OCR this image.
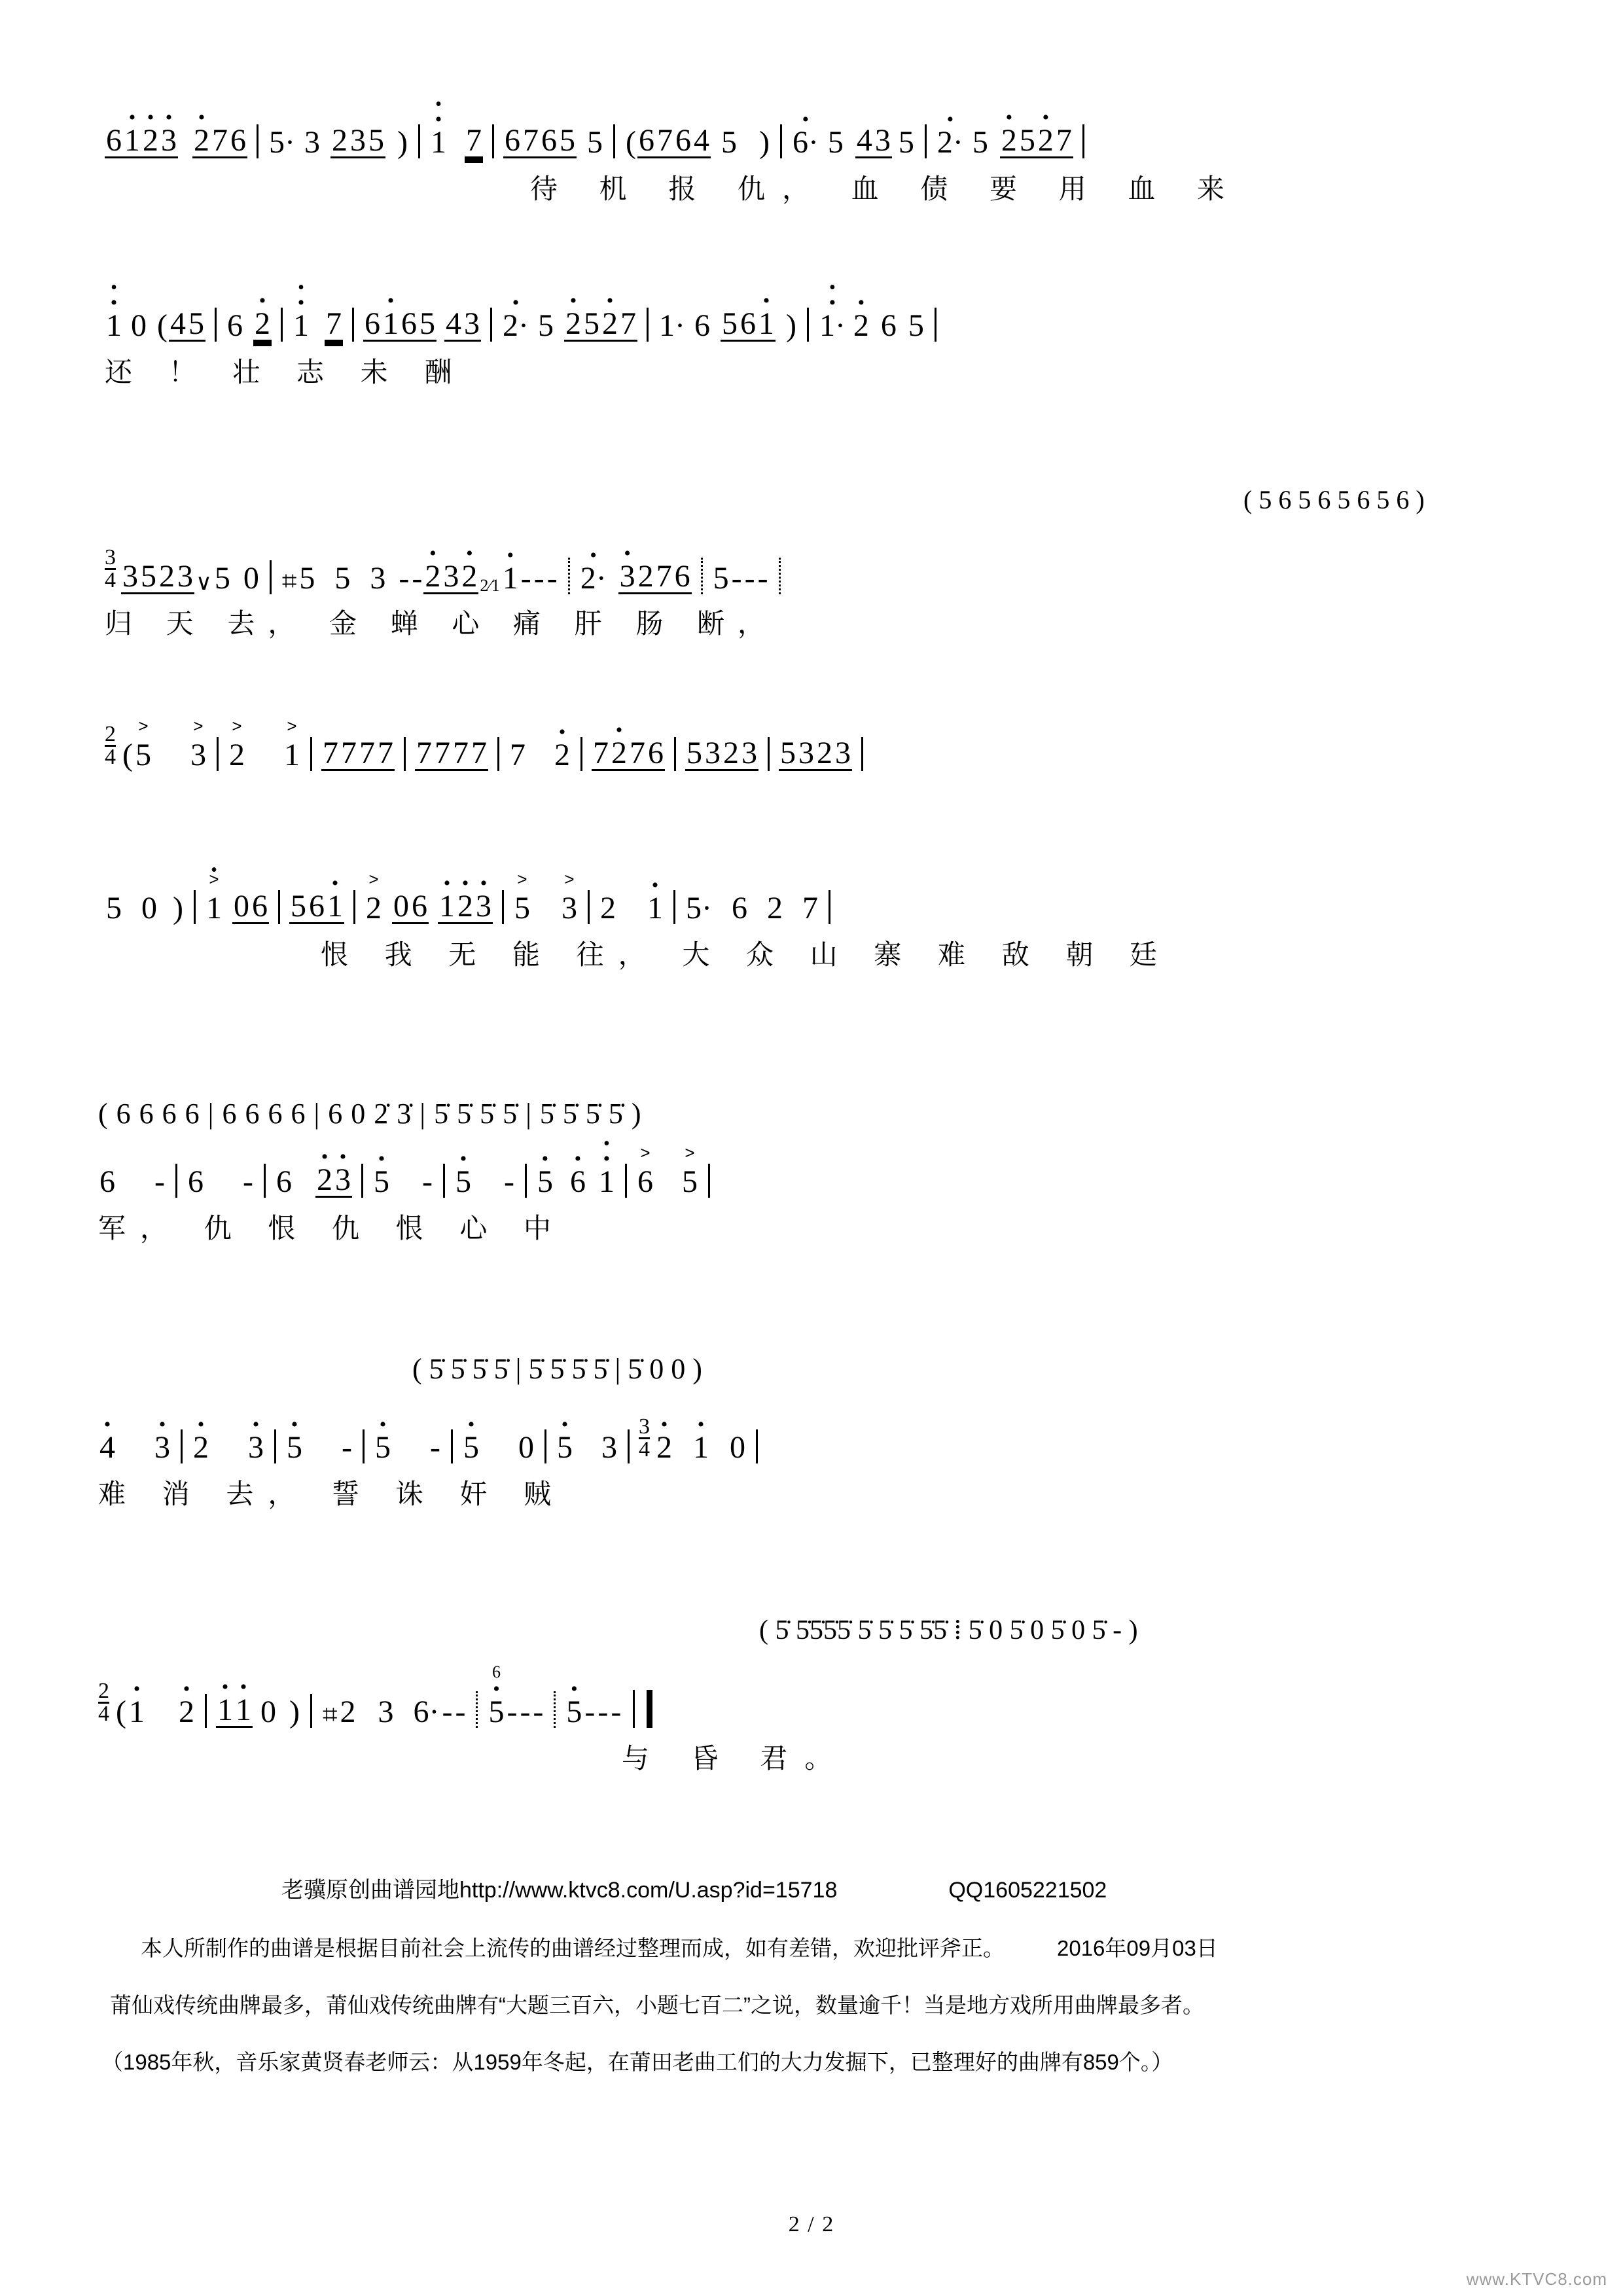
6 • 1 • 2 • 3 • 2 7 6 5· 3 2 3 5 )
• •
1 7 6 7 6 5 5 ( 6 7 6 4 5 ) • 6· 5 4 3 5 • 2· 5 • 2 5 • 2 7
待 机 报 仇， 血 债 要 用 血 来
• •
1 0 ( 4 5 6 • 2
• •
1 7 6 • 1 6 5 4 3 • 2· 5 • 2 5 • 2 7 1· 6 5 6 • 1 )
• •
1· • 2 6 5
还 ！ 壮 志 未 酬
( 5 6 5 6 5 6 5 6 )
3
4 3 5 2 3 ∨ 5 0 ⌗ 5 5 3 - - • 2 3 • 2 2⁄1 • 1 - - - • 2· • 3 2 7 6 5 - - -
归 天 去， 金 蝉 心 痛 肝 肠 断，
2
4 ( > 5 > 3 > 2 > 1 7 7 7 7 7 7 7 7 7 • 2 7 • 2 7 6 5 3 2 3 5 3 2 3
5 0 )
> •
1 0 6 5 6 • 1 > 2 0 6 • 1 • 2 • 3 > 5 > 3 2 • 1 5· 6 2 7
恨 我 无 能 往， 大 众 山 寨 难 敌 朝 廷
( 6 6 6 6 | 6 6 6 6 | 6 0 2̇ 3̇ | 5̇ 5̇ 5̇ 5̇ | 5̇ 5̇ 5̇ 5̇ )
6 - 6 - 6 • 2 • 3 • 5 - • 5 - • 5 • 6
• •
1 > 6 > 5
军， 仇 恨 仇 恨 心 中
( 5̇ 5̇ 5̇ 5̇ | 5̇ 5̇ 5̇ 5̇ | 5̇ 0 0 )
• 4 • 3 • 2 • 3 • 5 - • 5 - • 5 0 • 5 3
3
4 • 2 • 1 0
难 消 去， 誓 诛 奸 贼
( 5̇ 5̇5̇5̇5̇ 5̇ 5̇ 5̇ 5̇5̇ ⁞ 5̇ 0 5̇ 0 5̇ 0 5̇ - )
2
4 ( • 1 • 2 • 1 • 1 0 ) ⌗ 2 3 6· - -
• 6
5 - - - • 5 - - -
与 昏 君。
老骥原创曲谱园地http://www.ktvc8.com/U.asp?id=15718	QQ1605221502
本人所制作的曲谱是根据目前社会上流传的曲谱经过整理而成，如有差错，欢迎批评斧正。 2016年09月03日
莆仙戏传统曲牌最多，莆仙戏传统曲牌有“大题三百六，小题七百二”之说，数量逾千！当是地方戏所用曲牌最多者。
（1985年秋，音乐家黄贤春老师云：从1959年冬起，在莆田老曲工们的大力发掘下，已整理好的曲牌有859个。）
2 / 2
www.KTVC8.com
